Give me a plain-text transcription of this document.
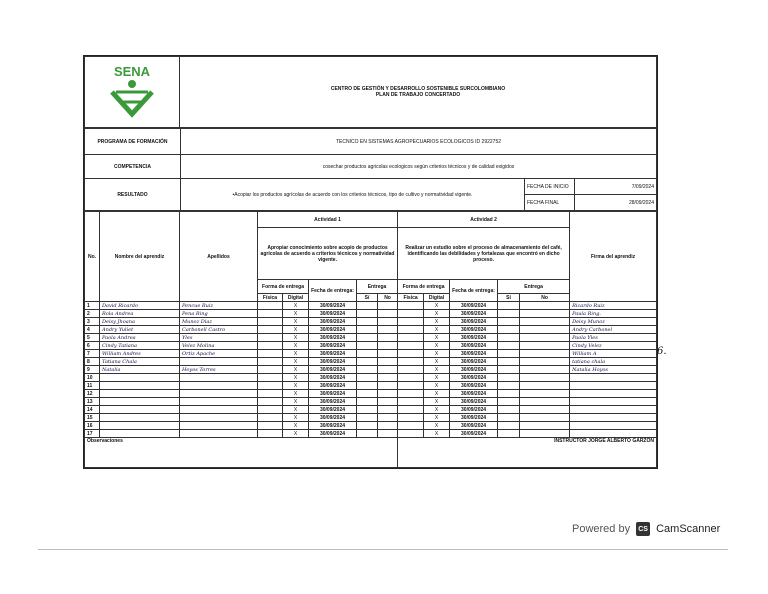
SENA

CENTRO DE GESTIÓN Y DESARROLLO SOSTENIBLE SURCOLOMBIANO
PLAN DE TRABAJO CONCERTADO
PROGRAMA DE FORMACIÓN	TECNICO EN SISTEMAS AGROPECUARIOS ECOLOGICOS ID 2922752		
COMPETENCIA	cosechar productos agricolas ecologicos según criterios técnicos y de calidad exigidos		
RESULTADO	•Acopiar los productos agrícolas de acuerdo con los criterios técnicos, tipo de cultivo y normatividad vigente.	FECHA DE INICIO	7/09/2024
		FECHA FINAL	28/09/2024
No.	Nombre del aprendiz	Apellidos	Actividad 1					Actividad 2					Firma del aprendiz
			Apropiar conocimiento sobre acopio de productos agricolas de acuerdo a criterios técnicos y normatividad vigente.					Realizar un estudio sobre el proceso de almacenamiento del café, identificando las debilidades y fortalezas que encontró en dicho proceso.					
			Forma de entrega		Fecha de entrega:	Entrega		Forma de entrega		Fecha de entrega:	Entrega		
			Física	Digital		Sí	No	Física	Digital		Sí	No	
1	David Ricardo	Pencue Ruiz		X	30/09/2024				X	30/09/2024			Ricardo Ruiz
2	Rola Andrea	Pena Ring		X	30/09/2024				X	30/09/2024			Paula Ring.
3	Deisy Jhoana	Munoz Diaz		X	30/09/2024				X	30/09/2024			Deisy Munoz
4	Andry Yuliet	Carbonell Castro		X	30/09/2024				X	30/09/2024			Andry Carbonel
5	Paola Andrea	Yles		X	30/09/2024				X	30/09/2024			Paola Yles
6	Cindy Tatiana	Velez Molina		X	30/09/2024				X	30/09/2024			Cindy Velez
7	William Andres	Ortiz Apache		X	30/09/2024				X	30/09/2024			William A
8	Tatiana Chala			X	30/09/2024				X	30/09/2024			tatiana chala
9	Natalia	Hoyos Torres		X	30/09/2024				X	30/09/2024			Natalia Hoyos
10				X	30/09/2024				X	30/09/2024			
11				X	30/09/2024				X	30/09/2024			
12				X	30/09/2024				X	30/09/2024			
13				X	30/09/2024				X	30/09/2024			
14				X	30/09/2024				X	30/09/2024			
15				X	30/09/2024				X	30/09/2024			
16				X	30/09/2024				X	30/09/2024			
17				X	30/09/2024				X	30/09/2024			
Observaciones								INSTRUCTOR JORGE ALBERTO GARZON					
6.
Powered by	CS CamScanner
